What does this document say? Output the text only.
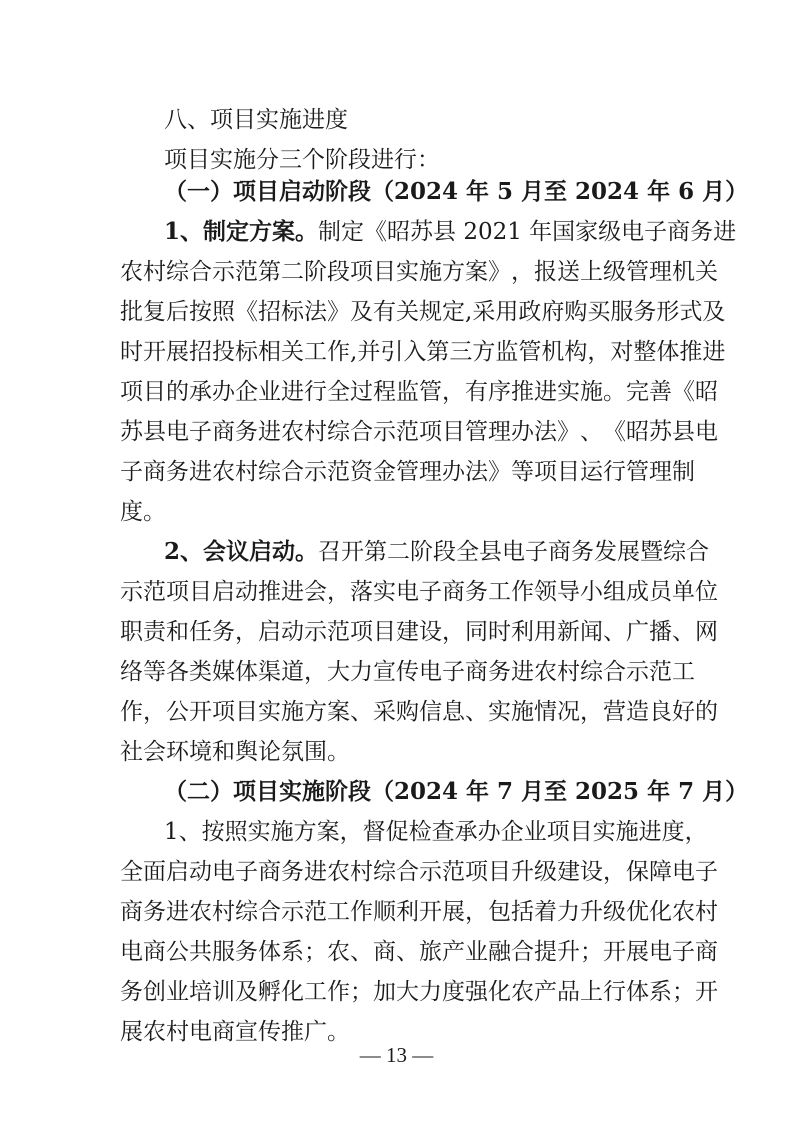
八、项目实施进度
项目实施分三个阶段进行：
（一）项目启动阶段（2024 年 5 月至 2024 年 6 月）
1、制定方案。 制定《昭苏县 2021 年国家级电子商务进
农 村 综 合 示 范 第 二 阶 段 项 目 实 施 方 案 》 ， 报 送 上 级 管 理 机 关
批 复 后 按 照 《 招 标 法 》 及 有 关 规 定 , 采 用 政 府 购 买 服 务 形 式 及
时 开 展 招 投 标 相 关 工 作 , 并 引 入 第 三 方 监 管 机 构 ， 对 整 体 推 进
项 目 的 承 办 企 业 进 行 全 过 程 监 管 ， 有 序 推 进 实 施 。 完 善 《 昭
苏 县 电 子 商 务 进 农 村 综 合 示 范 项 目 管 理 办 法 》 、 《 昭 苏 县 电
子 商 务 进 农 村 综 合 示 范 资 金 管 理 办 法 》 等 项 目 运 行 管 理 制
度。
2、会议启动。 召开第二阶段全县电子商务发展暨综合
示 范 项 目 启 动 推 进 会 ， 落 实 电 子 商 务 工 作 领 导 小 组 成 员 单 位
职 责 和 任 务 ， 启 动 示 范 项 目 建 设 ， 同 时 利 用 新 闻 、 广 播 、 网
络 等 各 类 媒 体 渠 道 ， 大 力 宣 传 电 子 商 务 进 农 村 综 合 示 范 工
作 ， 公 开 项 目 实 施 方 案 、 采 购 信 息 、 实 施 情 况 ， 营 造 良 好 的
社会环境和舆论氛围。
（二）项目实施阶段（2024 年 7 月至 2025 年 7 月）
1、按照实施方案，督促检查承办企业项目实施进度，
全 面 启 动 电 子 商 务 进 农 村 综 合 示 范 项 目 升 级 建 设 ， 保 障 电 子
商 务 进 农 村 综 合 示 范 工 作 顺 利 开 展 ， 包 括 着 力 升 级 优 化 农 村
电 商 公 共 服 务 体 系 ； 农 、 商 、 旅 产 业 融 合 提 升 ； 开 展 电 子 商
务 创 业 培 训 及 孵 化 工 作 ； 加 大 力 度 强 化 农 产 品 上 行 体 系 ； 开
展农村电商宣传推广。
— 13 —
